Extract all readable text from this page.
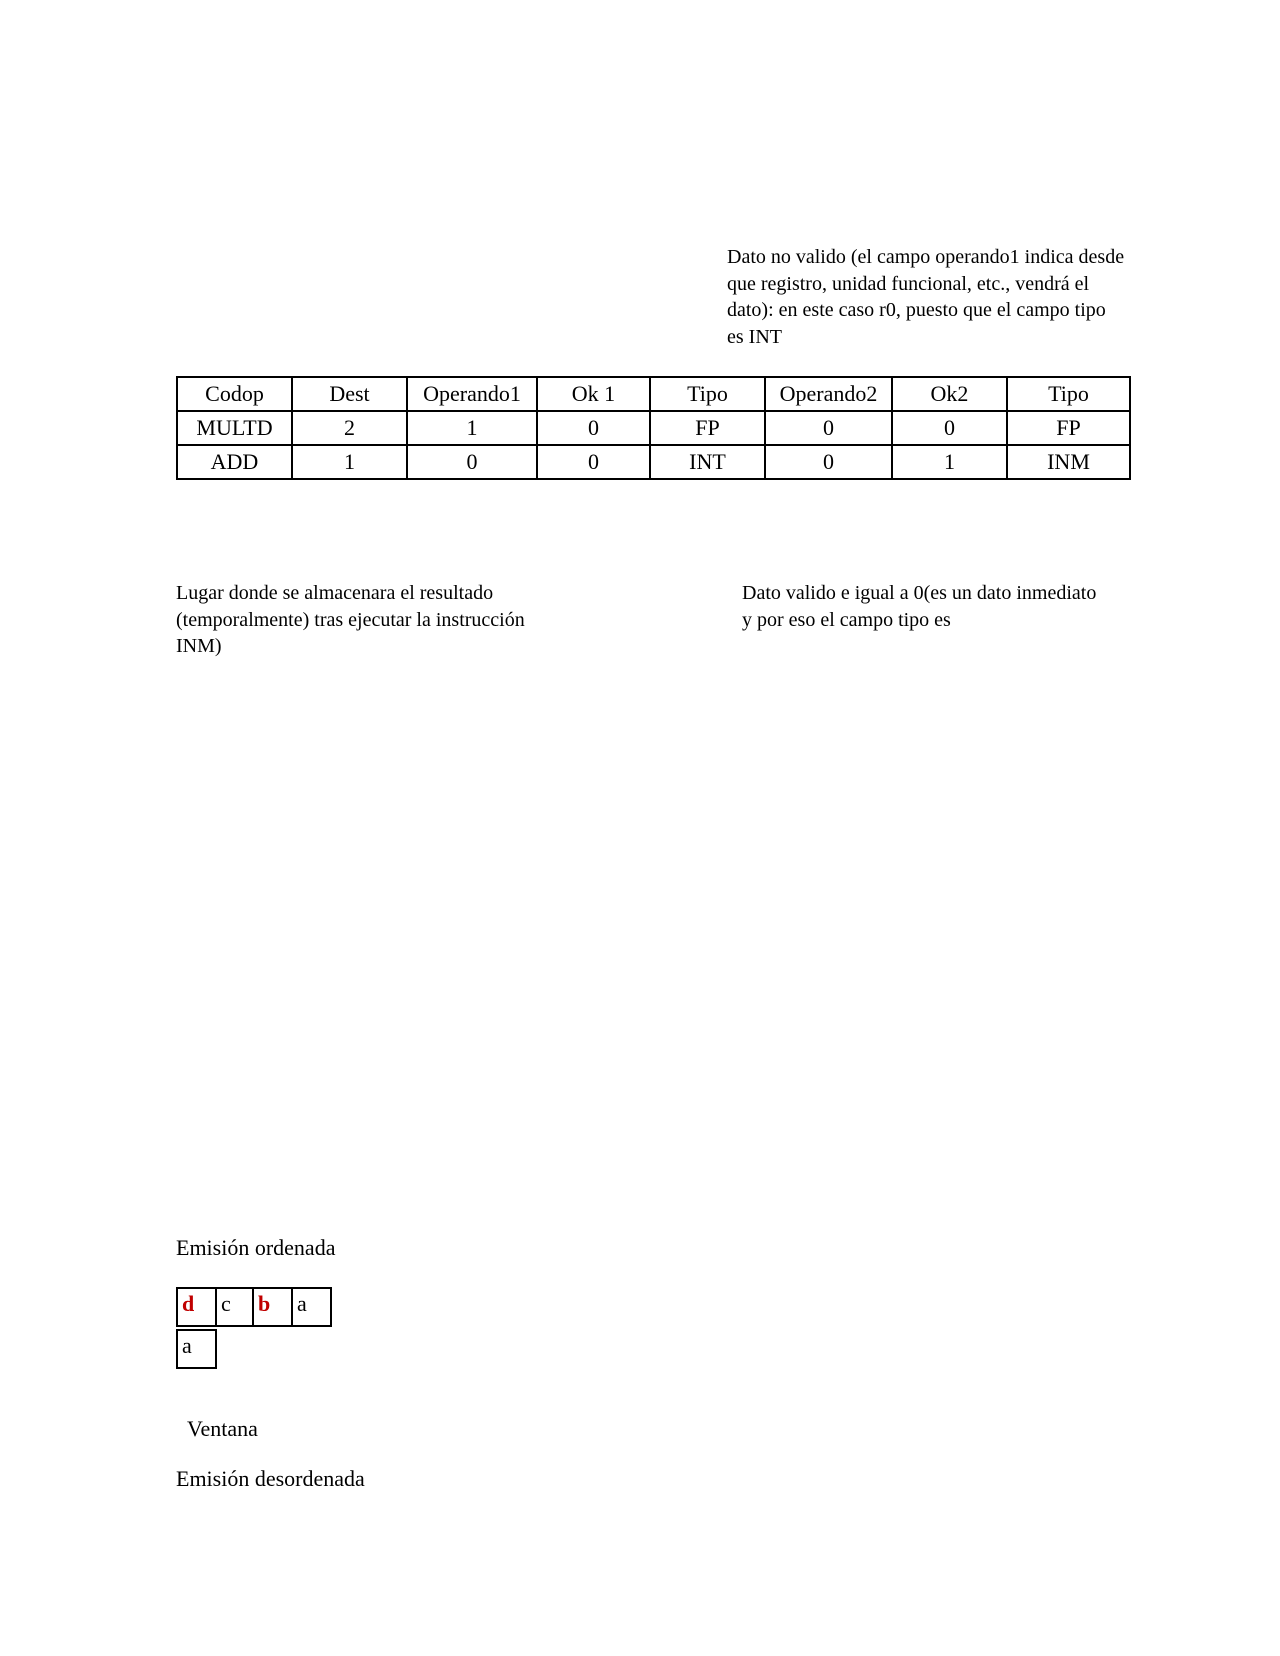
Dato no valido (el campo operando1 indica desde que registro, unidad funcional, etc., vendrá el dato): en este caso r0, puesto que el campo tipo es INT

Codop	Dest	Operando1	Ok 1	Tipo	Operando2	Ok2	Tipo
MULTD	2	1	0	FP	0	0	FP
ADD	1	0	0	INT	0	1	INM

Lugar donde se almacenara el resultado (temporalmente) tras ejecutar la instrucción INM)

Dato valido e igual a 0(es un dato inmediato y por eso el campo tipo es

Emisión ordenada

d	c	b	a
a

Ventana

Emisión desordenada
